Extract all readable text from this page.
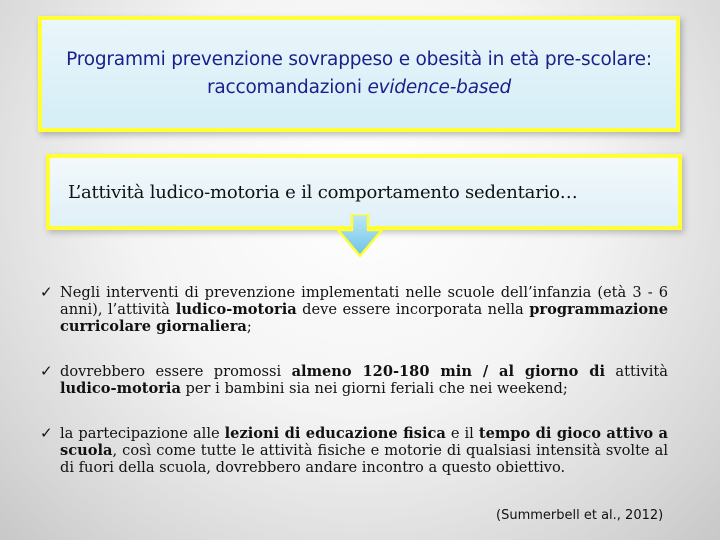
Programmi prevenzione sovrappeso e obesità in età pre-scolare: raccomandazioni evidence-based
L’attività ludico-motoria e il comportamento sedentario…
✓ Negli interventi di prevenzione implementati nelle scuole dell’infanzia (età 3 - 6 anni), l’attività ludico-motoria deve essere incorporata nella programmazione curricolare giornaliera;
✓ dovrebbero essere promossi almeno 120-180 min / al giorno di attività ludico-motoria per i bambini sia nei giorni feriali che nei weekend;
✓ la partecipazione alle lezioni di educazione fisica e il tempo di gioco attivo a scuola, così come tutte le attività fisiche e motorie di qualsiasi intensità svolte al di fuori della scuola, dovrebbero andare incontro a questo obiettivo.
(Summerbell et al., 2012)
